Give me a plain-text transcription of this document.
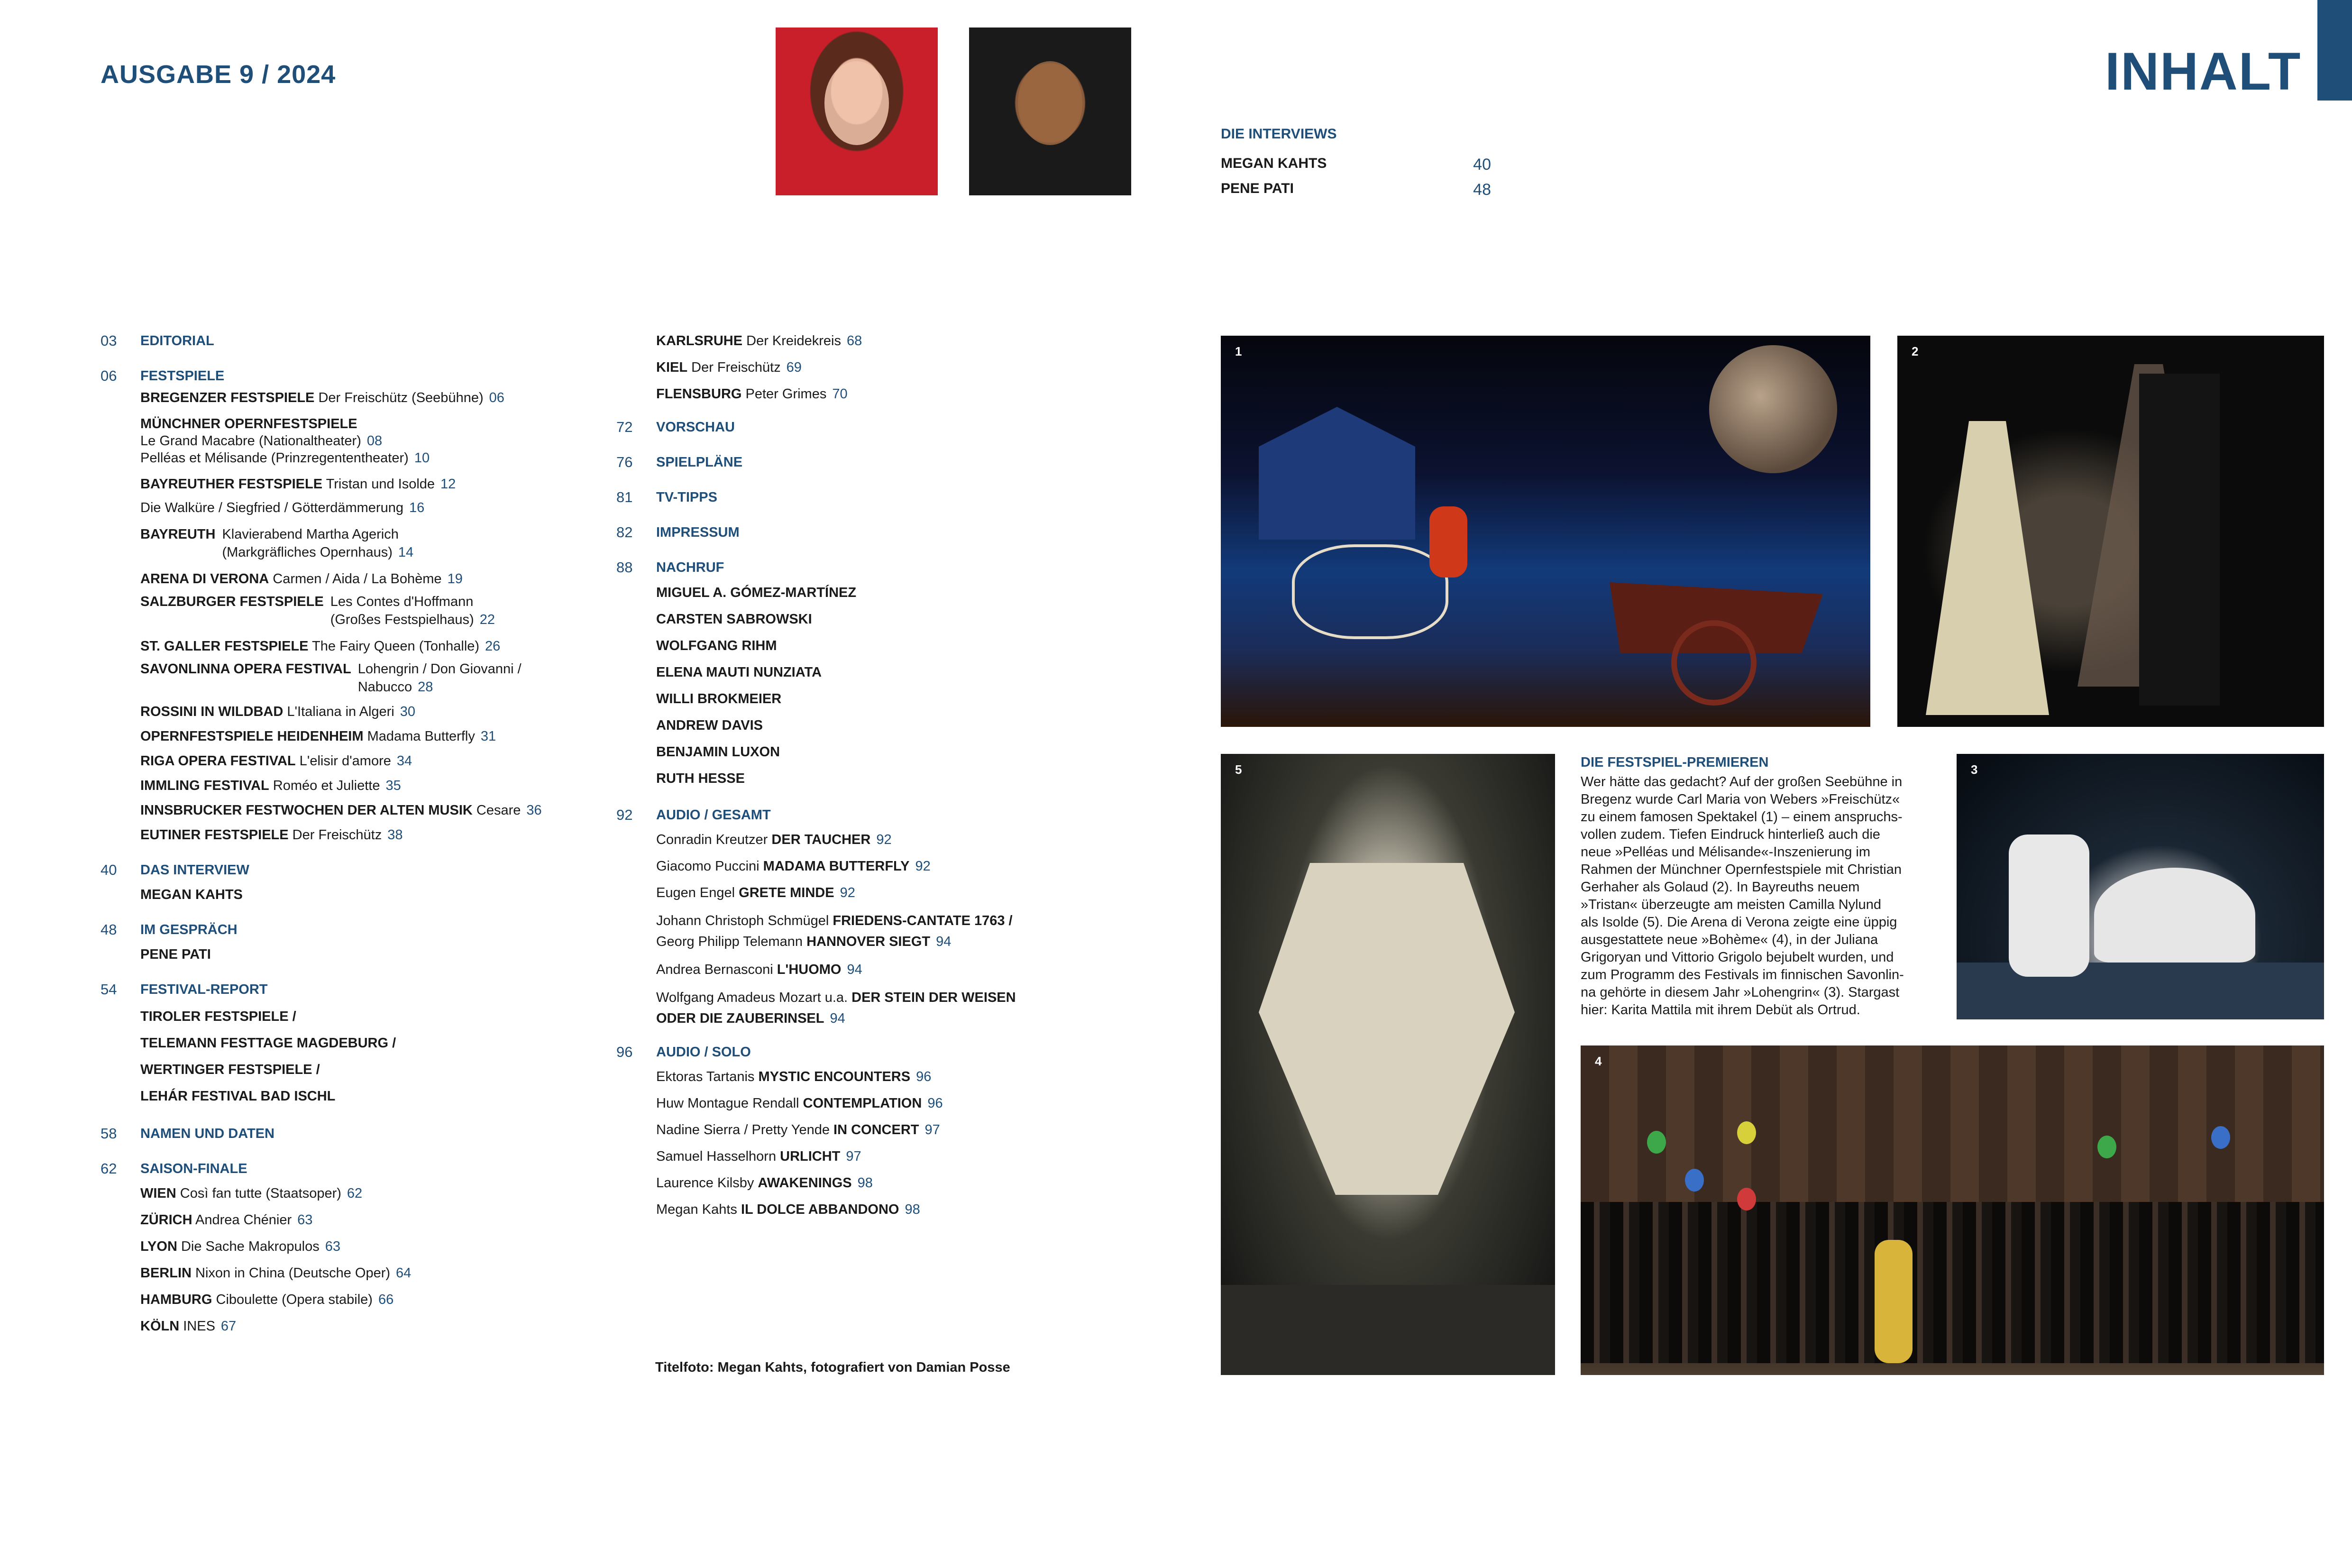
AUSGABE 9 / 2024	INHALT
DIE INTERVIEWS
MEGAN KAHTS	40
PENE PATI	48
03	EDITORIAL
06	FESTSPIELE
BREGENZER FESTSPIELE Der Freischütz (Seebühne) 06
MÜNCHNER OPERNFESTSPIELE
Le Grand Macabre (Nationaltheater) 08
Pelléas et Mélisande (Prinzregententheater) 10
BAYREUTHER FESTSPIELE Tristan und Isolde 12
Die Walküre / Siegfried / Götterdämmerung 16
BAYREUTH Klavierabend Martha Agerich
(Markgräfliches Opernhaus) 14
ARENA DI VERONA Carmen / Aida / La Bohème 19
SALZBURGER FESTSPIELE Les Contes d'Hoffmann
(Großes Festspielhaus) 22
ST. GALLER FESTSPIELE The Fairy Queen (Tonhalle) 26
SAVONLINNA OPERA FESTIVAL Lohengrin / Don Giovanni /
Nabucco 28
ROSSINI IN WILDBAD L'Italiana in Algeri 30
OPERNFESTSPIELE HEIDENHEIM Madama Butterfly 31
RIGA OPERA FESTIVAL L'elisir d'amore 34
IMMLING FESTIVAL Roméo et Juliette 35
INNSBRUCKER FESTWOCHEN DER ALTEN MUSIK Cesare 36
EUTINER FESTSPIELE Der Freischütz 38
40	DAS INTERVIEW
MEGAN KAHTS
48	IM GESPRÄCH
PENE PATI
54	FESTIVAL-REPORT
TIROLER FESTSPIELE /
TELEMANN FESTTAGE MAGDEBURG /
WERTINGER FESTSPIELE /
LEHÁR FESTIVAL BAD ISCHL
58	NAMEN UND DATEN
62	SAISON-FINALE
WIEN Così fan tutte (Staatsoper) 62
ZÜRICH Andrea Chénier 63
LYON Die Sache Makropulos 63
BERLIN Nixon in China (Deutsche Oper) 64
HAMBURG Ciboulette (Opera stabile) 66
KÖLN INES 67
KARLSRUHE Der Kreidekreis 68
KIEL Der Freischütz 69
FLENSBURG Peter Grimes 70
72	VORSCHAU
76	SPIELPLÄNE
81	TV-TIPPS
82	IMPRESSUM
88	NACHRUF
MIGUEL A. GÓMEZ-MARTÍNEZ
CARSTEN SABROWSKI
WOLFGANG RIHM
ELENA MAUTI NUNZIATA
WILLI BROKMEIER
ANDREW DAVIS
BENJAMIN LUXON
RUTH HESSE
92	AUDIO / GESAMT
Conradin Kreutzer DER TAUCHER 92
Giacomo Puccini MADAMA BUTTERFLY 92
Eugen Engel GRETE MINDE 92
Johann Christoph Schmügel FRIEDENS-CANTATE 1763 /
Georg Philipp Telemann HANNOVER SIEGT 94
Andrea Bernasconi L'HUOMO 94
Wolfgang Amadeus Mozart u.a. DER STEIN DER WEISEN
ODER DIE ZAUBERINSEL 94
96	AUDIO / SOLO
Ektoras Tartanis MYSTIC ENCOUNTERS 96
Huw Montague Rendall CONTEMPLATION 96
Nadine Sierra / Pretty Yende IN CONCERT 97
Samuel Hasselhorn URLICHT 97
Laurence Kilsby AWAKENINGS 98
Megan Kahts IL DOLCE ABBANDONO 98
Titelfoto: Megan Kahts, fotografiert von Damian Posse
1	2
5	3
4
DIE FESTSPIEL-PREMIEREN
Wer hätte das gedacht? Auf der großen Seebühne in
Bregenz wurde Carl Maria von Webers »Freischütz«
zu einem famosen Spektakel (1) – einem anspruchs-
vollen zudem. Tiefen Eindruck hinterließ auch die
neue »Pelléas und Mélisande«-Inszenierung im
Rahmen der Münchner Opernfestspiele mit Christian
Gerhaher als Golaud (2). In Bayreuths neuem
»Tristan« überzeugte am meisten Camilla Nylund
als Isolde (5). Die Arena di Verona zeigte eine üppig
ausgestattete neue »Bohème« (4), in der Juliana
Grigoryan und Vittorio Grigolo bejubelt wurden, und
zum Programm des Festivals im finnischen Savonlin-
na gehörte in diesem Jahr »Lohengrin« (3). Stargast
hier: Karita Mattila mit ihrem Debüt als Ortrud.
